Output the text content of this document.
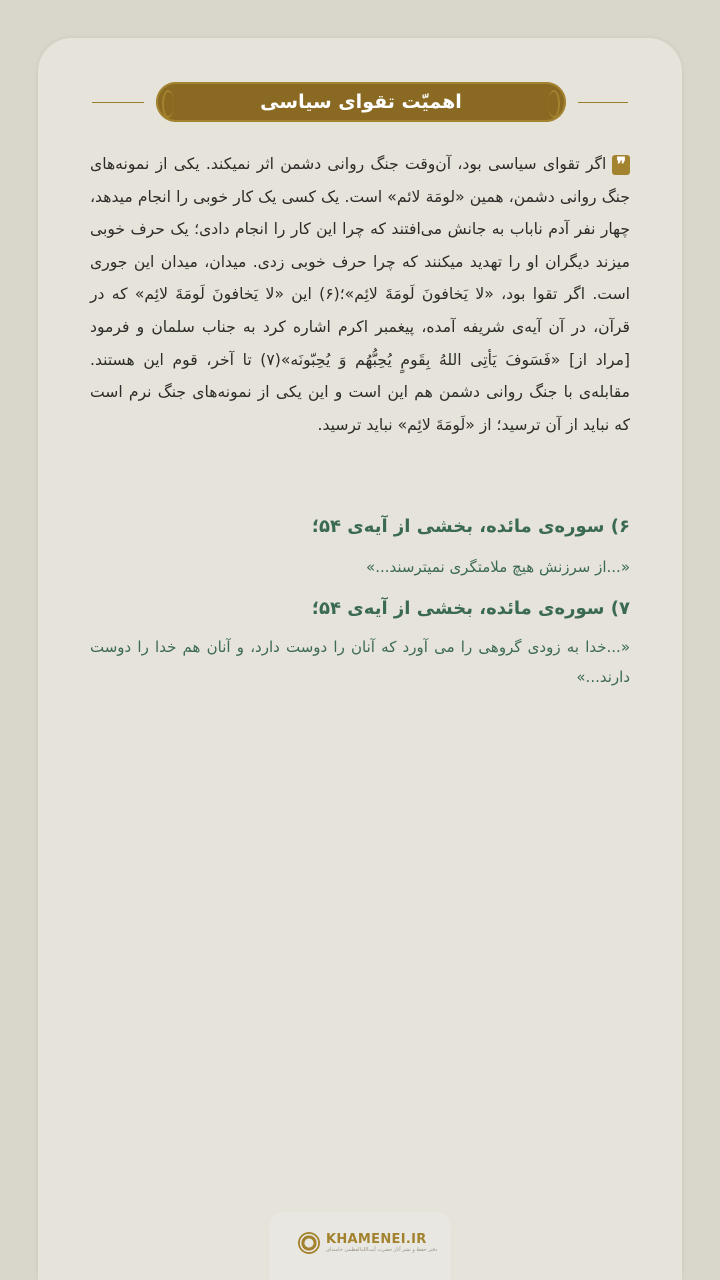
اهمیّت تقوای سیاسی
❞اگر تقوای سیاسی بود، آن‌وقت جنگ روانی دشمن اثر نمیکند. یکی از نمونه‌های جنگ روانی دشمن، همین «لومَة لائم» است. یک کسی یک کار خوبی را انجام میدهد، چهار نفر آدم ناباب به جانش می‌افتند که چرا این کار را انجام دادی؛ یک حرف خوبی میزند دیگران او را تهدید میکنند که چرا حرف خوبی زدی. میدان، میدان این جوری است. اگر تقوا بود، «لا یَخافونَ لَومَةَ لائِم»؛(۶) این «لا یَخافونَ لَومَةَ لائِم» که در قرآن، در آن آیه‌ی شریفه آمده، پیغمبر اکرم اشاره کرد به جناب سلمان و فرمود [مراد از] «فَسَوفَ یَأتِی اللهُ بِقَومٍ یُحِبُّهُم وَ یُحِبّونَه»(۷) تا آخر، قوم این هستند. مقابله‌ی با جنگ روانی دشمن هم این است و این یکی از نمونه‌های جنگ نرم است که نباید از آن ترسید؛ از «لَومَةَ لائِم» نباید ترسید.
۶) سوره‌ی مائده، بخشی از آیه‌ی ۵۴؛
«...از سرزنش هیچ ملامتگری نمیترسند...»
۷) سوره‌ی مائده، بخشی از آیه‌ی ۵۴؛
«...خدا به زودی گروهی را می آورد که آنان را دوست دارد، و آنان هم خدا را دوست دارند...»
KHAMENEI.IR
دفتر حفظ و نشر آثار حضرت آیت‌الله‌العظمی خامنه‌ای
